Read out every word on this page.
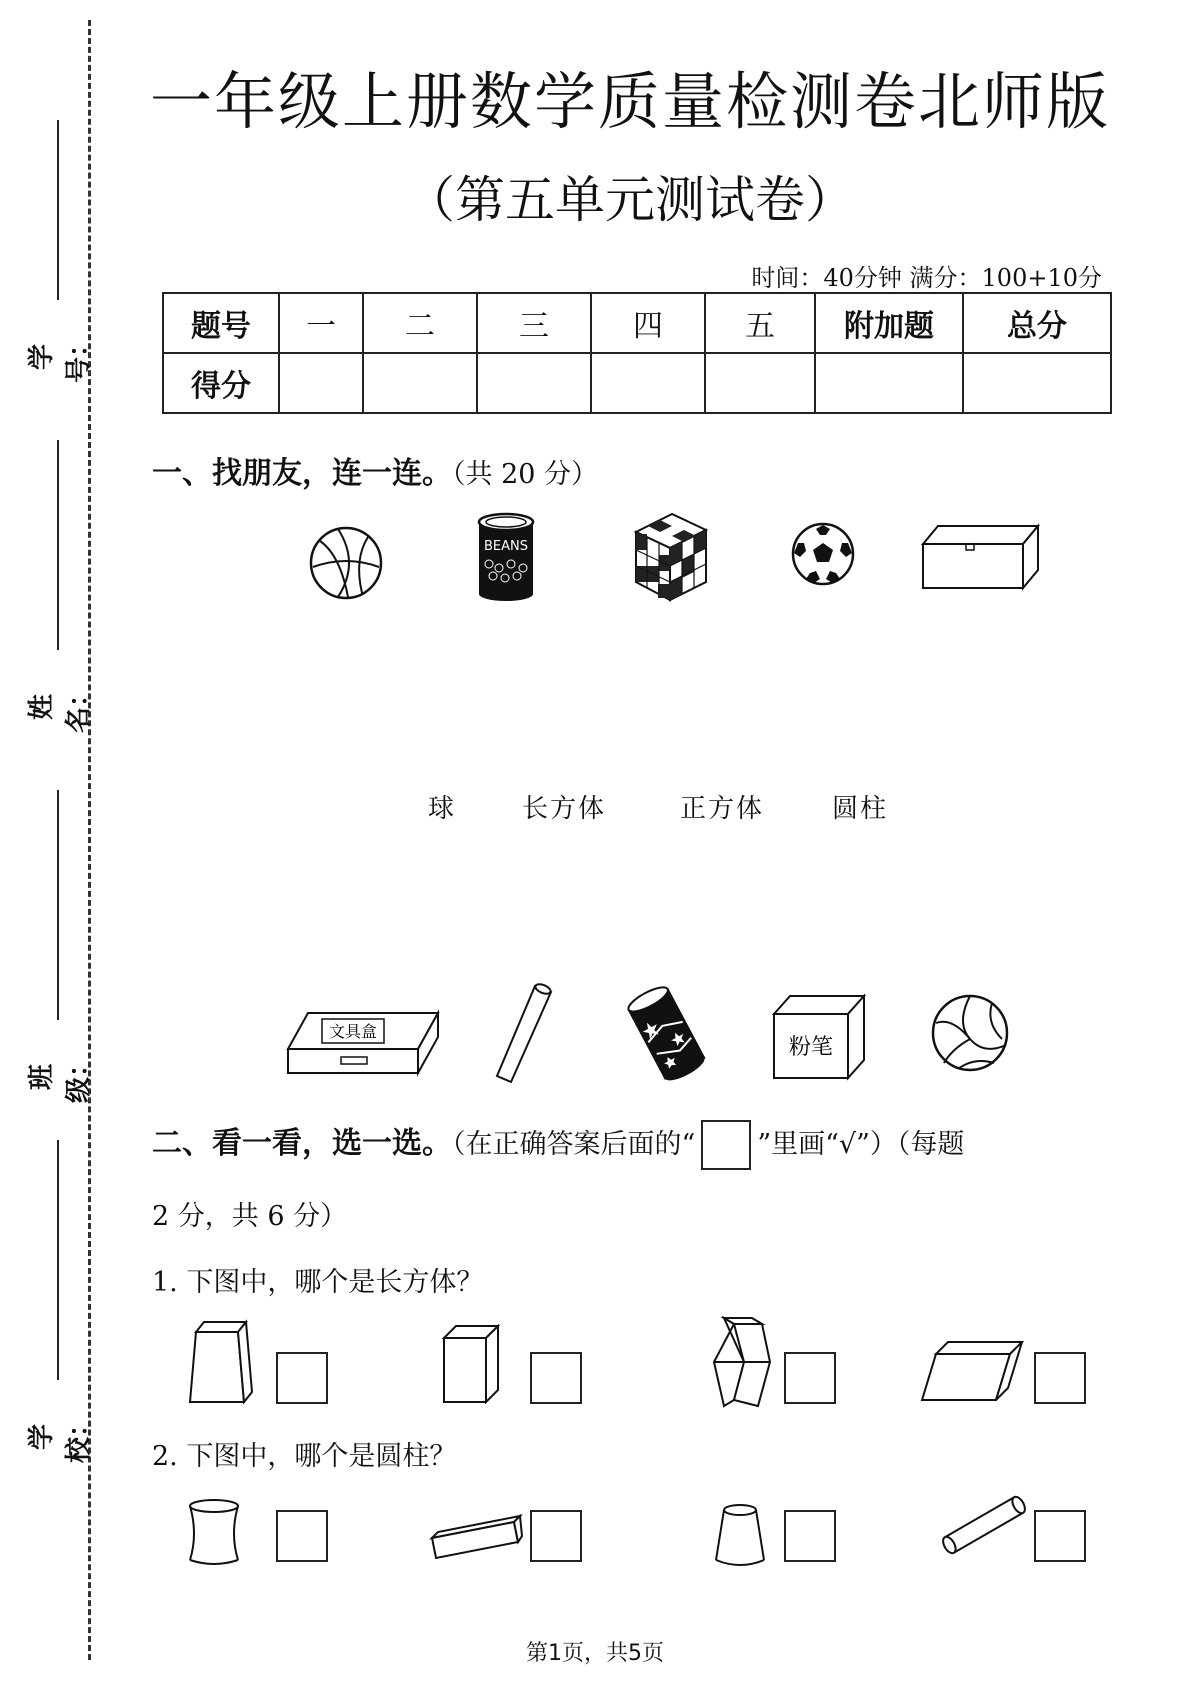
学号：
姓名：
班级：
学校：
一年级上册数学质量检测卷北师版
（第五单元测试卷）
时间：40分钟 满分：100+10分
题号	一	二	三	四	五	附加题	总分
得分							
一、找朋友，连一连。（共 20 分）
BEANS
球	长方体	正方体	圆柱
文具盒
粉笔
二、看一看，选一选。（在正确答案后面的“ ”里画“√”）（每题
2 分，共 6 分）
1. 下图中，哪个是长方体？
2. 下图中，哪个是圆柱？
第1页，共5页
